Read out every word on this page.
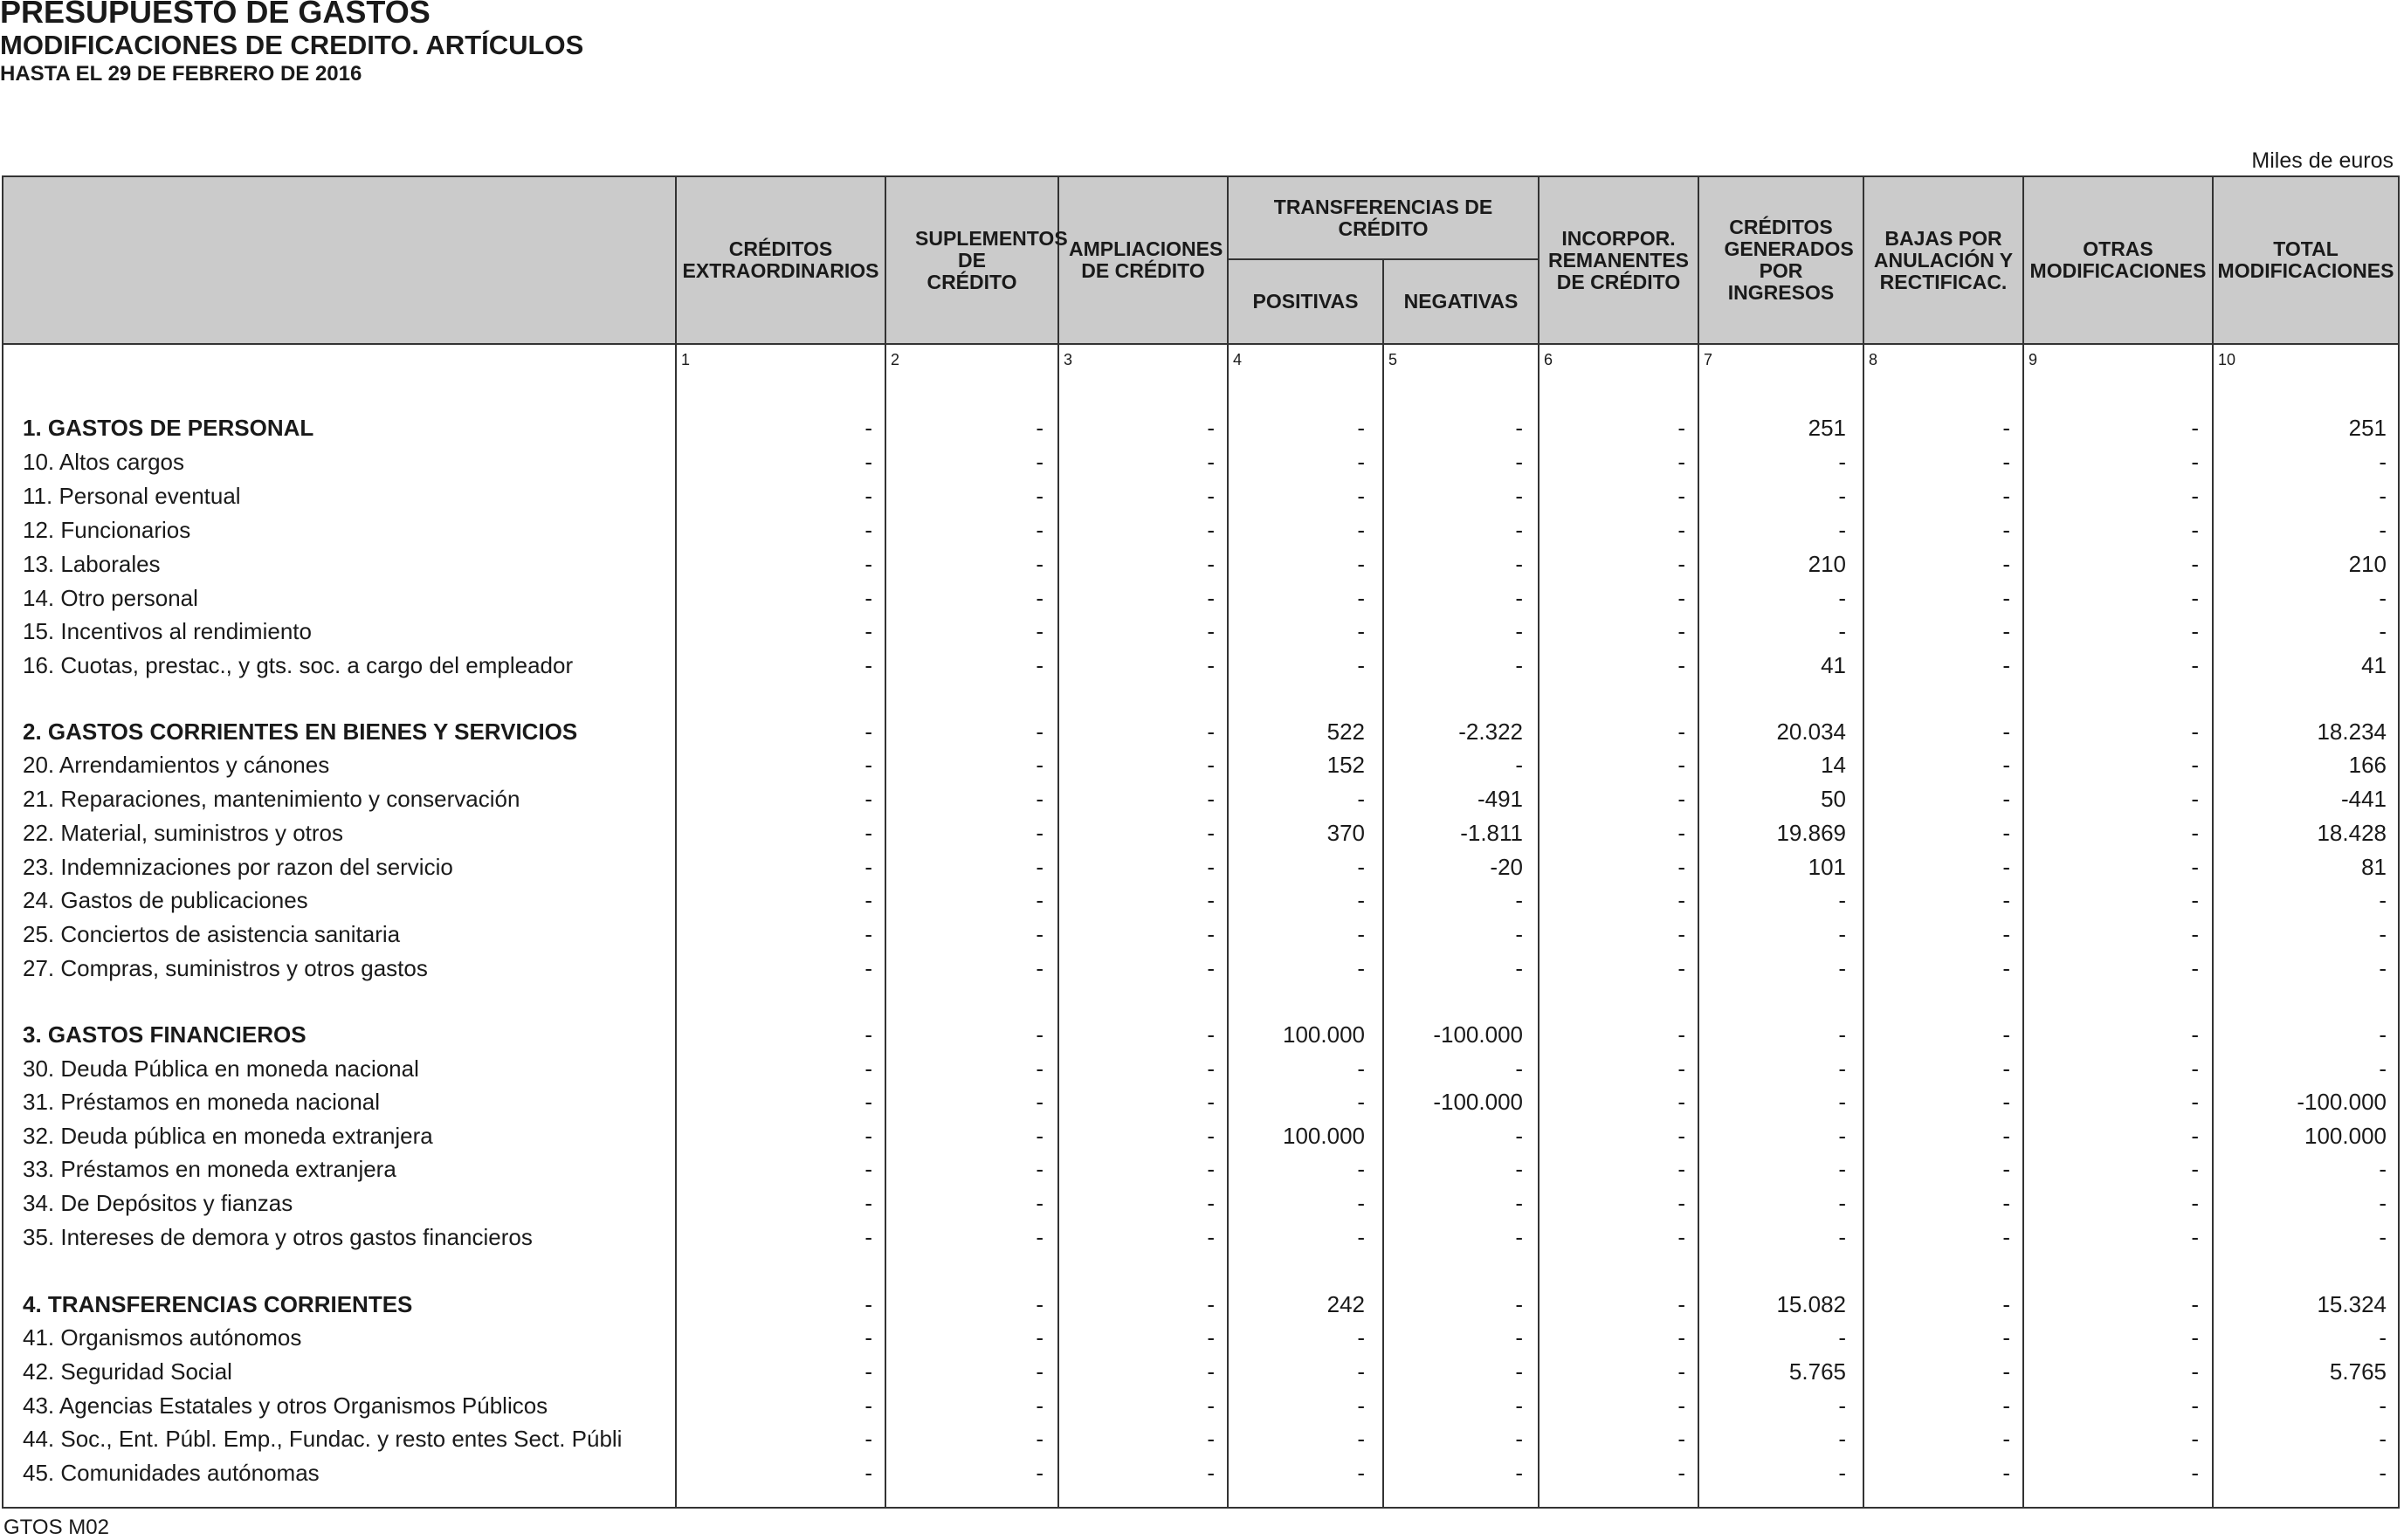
PRESUPUESTO DE GASTOS
MODIFICACIONES DE CREDITO. ARTÍCULOS
HASTA EL 29 DE FEBRERO DE 2016
Miles de euros
CRÉDITOS EXTRAORDINARIOS
SUPLEMENTOS DE CRÉDITO
AMPLIACIONES DE CRÉDITO
TRANSFERENCIAS DE CRÉDITO
POSITIVAS NEGATIVAS
INCORPOR. REMANENTES DE CRÉDITO
CRÉDITOS GENERADOS POR INGRESOS
BAJAS POR ANULACIÓN Y RECTIFICAC.
OTRAS MODIFICACIONES
TOTAL MODIFICACIONES
1	2	3	4	5	6	7	8	9	10
1. GASTOS DE PERSONAL	-	-	-	-	-	-	251	-	-	251
10. Altos cargos	-	-	-	-	-	-	-	-	-	-
11. Personal eventual	-	-	-	-	-	-	-	-	-	-
12. Funcionarios	-	-	-	-	-	-	-	-	-	-
13. Laborales	-	-	-	-	-	-	210	-	-	210
14. Otro personal	-	-	-	-	-	-	-	-	-	-
15. Incentivos al rendimiento	-	-	-	-	-	-	-	-	-	-
16. Cuotas, prestac., y gts. soc. a cargo del empleador	-	-	-	-	-	-	41	-	-	41
2. GASTOS CORRIENTES EN BIENES Y SERVICIOS	-	-	-	522	-2.322	-	20.034	-	-	18.234
20. Arrendamientos y cánones	-	-	-	152	-	-	14	-	-	166
21. Reparaciones, mantenimiento y conservación	-	-	-	-	-491	-	50	-	-	-441
22. Material, suministros y otros	-	-	-	370	-1.811	-	19.869	-	-	18.428
23. Indemnizaciones por razon del servicio	-	-	-	-	-20	-	101	-	-	81
24. Gastos de publicaciones	-	-	-	-	-	-	-	-	-	-
25. Conciertos de asistencia sanitaria	-	-	-	-	-	-	-	-	-	-
27. Compras, suministros y otros gastos	-	-	-	-	-	-	-	-	-	-
3. GASTOS FINANCIEROS	-	-	-	100.000	-100.000	-	-	-	-	-
30. Deuda Pública en moneda nacional	-	-	-	-	-	-	-	-	-	-
31. Préstamos en moneda nacional	-	-	-	-	-100.000	-	-	-	-	-100.000
32. Deuda pública en moneda extranjera	-	-	-	100.000	-	-	-	-	-	100.000
33. Préstamos en moneda extranjera	-	-	-	-	-	-	-	-	-	-
34. De Depósitos y fianzas	-	-	-	-	-	-	-	-	-	-
35. Intereses de demora y otros gastos financieros	-	-	-	-	-	-	-	-	-	-
4. TRANSFERENCIAS CORRIENTES	-	-	-	242	-	-	15.082	-	-	15.324
41. Organismos autónomos	-	-	-	-	-	-	-	-	-	-
42. Seguridad Social	-	-	-	-	-	-	5.765	-	-	5.765
43. Agencias Estatales y otros Organismos Públicos	-	-	-	-	-	-	-	-	-	-
44. Soc., Ent. Públ. Emp., Fundac. y resto entes Sect. Públi	-	-	-	-	-	-	-	-	-	-
45. Comunidades autónomas	-	-	-	-	-	-	-	-	-	-
GTOS M02
